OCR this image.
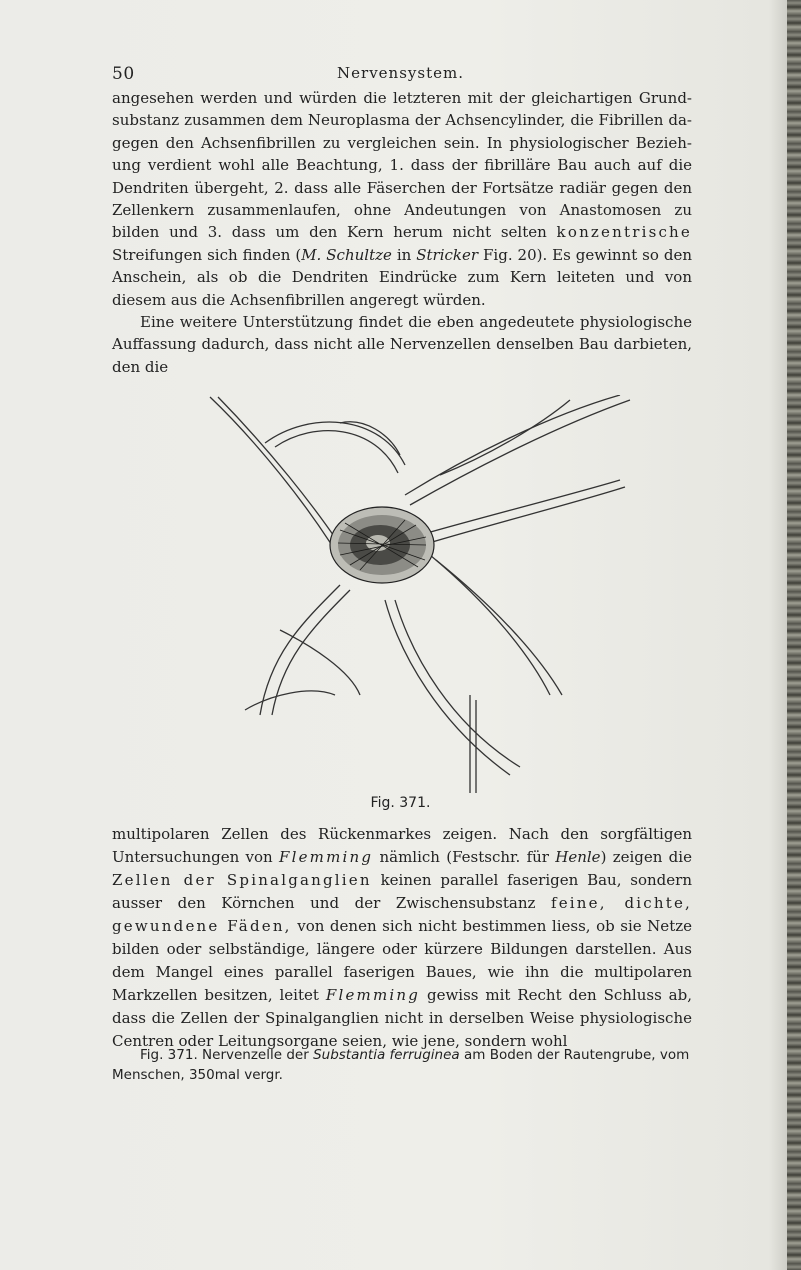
50	Nervensystem.

angesehen werden und würden die letzteren mit der gleichartigen Grundsubstanz zusammen dem Neuroplasma der Achsencylinder, die Fibrillen dagegen den Achsenfibrillen zu vergleichen sein. In physiologischer Beziehung verdient wohl alle Beachtung, 1. dass der fibrilläre Bau auch auf die Dendriten übergeht, 2. dass alle Fäserchen der Fortsätze radiär gegen den Zellenkern zusammenlaufen, ohne Andeutungen von Anastomosen zu bilden und 3. dass um den Kern herum nicht selten konzentrische Streifungen sich finden (M. Schultze in Stricker Fig. 20). Es gewinnt so den Anschein, als ob die Dendriten Eindrücke zum Kern leiteten und von diesem aus die Achsenfibrillen angeregt würden.

Eine weitere Unterstützung findet die eben angedeutete physiologische Auffassung dadurch, dass nicht alle Nervenzellen denselben Bau darbieten, den die

Fig. 371.

multipolaren Zellen des Rückenmarkes zeigen. Nach den sorgfältigen Untersuchungen von Flemming nämlich (Festschr. für Henle) zeigen die Zellen der Spinalganglien keinen parallel faserigen Bau, sondern ausser den Körnchen und der Zwischensubstanz feine, dichte, gewundene Fäden, von denen sich nicht bestimmen liess, ob sie Netze bilden oder selbständige, längere oder kürzere Bildungen darstellen. Aus dem Mangel eines parallel faserigen Baues, wie ihn die multipolaren Markzellen besitzen, leitet Flemming gewiss mit Recht den Schluss ab, dass die Zellen der Spinalganglien nicht in derselben Weise physiologische Centren oder Leitungsorgane seien, wie jene, sondern wohl

Fig. 371. Nervenzelle der Substantia ferruginea am Boden der Rautengrube, vom Menschen, 350mal vergr.
